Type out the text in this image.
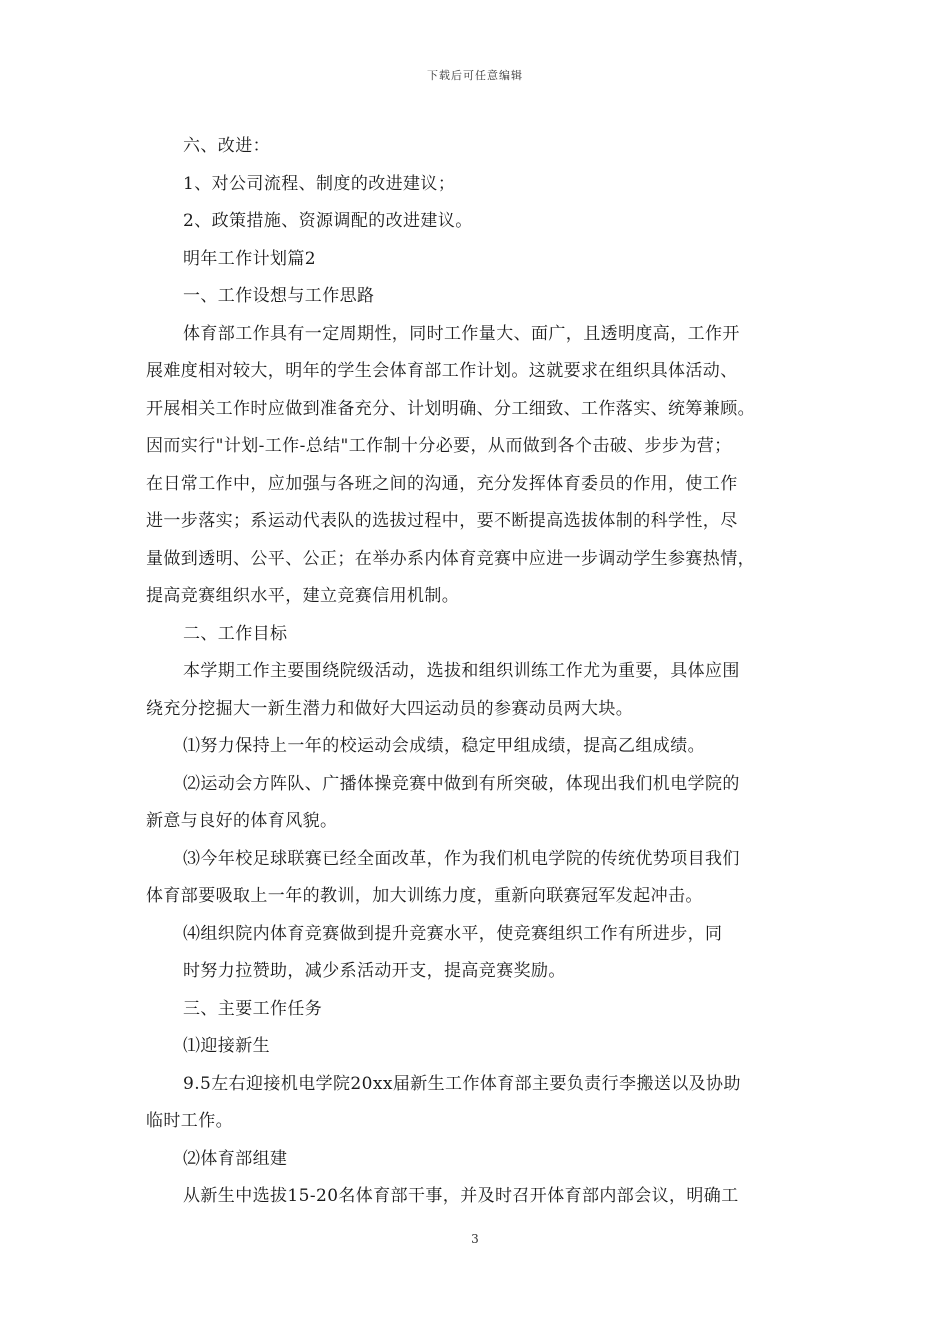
下载后可任意编辑
六、改进：
1、对公司流程、制度的改进建议；
2、政策措施、资源调配的改进建议。
明年工作计划篇2
一、工作设想与工作思路
体育部工作具有一定周期性，同时工作量大、面广，且透明度高，工作开
展难度相对较大，明年的学生会体育部工作计划。这就要求在组织具体活动、
开展相关工作时应做到准备充分、计划明确、分工细致、工作落实、统筹兼顾。
因而实行"计划-工作-总结"工作制十分必要，从而做到各个击破、步步为营；
在日常工作中，应加强与各班之间的沟通，充分发挥体育委员的作用，使工作
进一步落实；系运动代表队的选拔过程中，要不断提高选拔体制的科学性，尽
量做到透明、公平、公正；在举办系内体育竞赛中应进一步调动学生参赛热情，
提高竞赛组织水平，建立竞赛信用机制。
二、工作目标
本学期工作主要围绕院级活动，选拔和组织训练工作尤为重要，具体应围
绕充分挖掘大一新生潜力和做好大四运动员的参赛动员两大块。
⑴努力保持上一年的校运动会成绩，稳定甲组成绩，提高乙组成绩。
⑵运动会方阵队、广播体操竞赛中做到有所突破，体现出我们机电学院的
新意与良好的体育风貌。
⑶今年校足球联赛已经全面改革，作为我们机电学院的传统优势项目我们
体育部要吸取上一年的教训，加大训练力度，重新向联赛冠军发起冲击。
⑷组织院内体育竞赛做到提升竞赛水平，使竞赛组织工作有所进步，同
时努力拉赞助，减少系活动开支，提高竞赛奖励。
三、主要工作任务
⑴迎接新生
9.5左右迎接机电学院20xx届新生工作体育部主要负责行李搬送以及协助
临时工作。
⑵体育部组建
从新生中选拔15-20名体育部干事，并及时召开体育部内部会议，明确工
3
